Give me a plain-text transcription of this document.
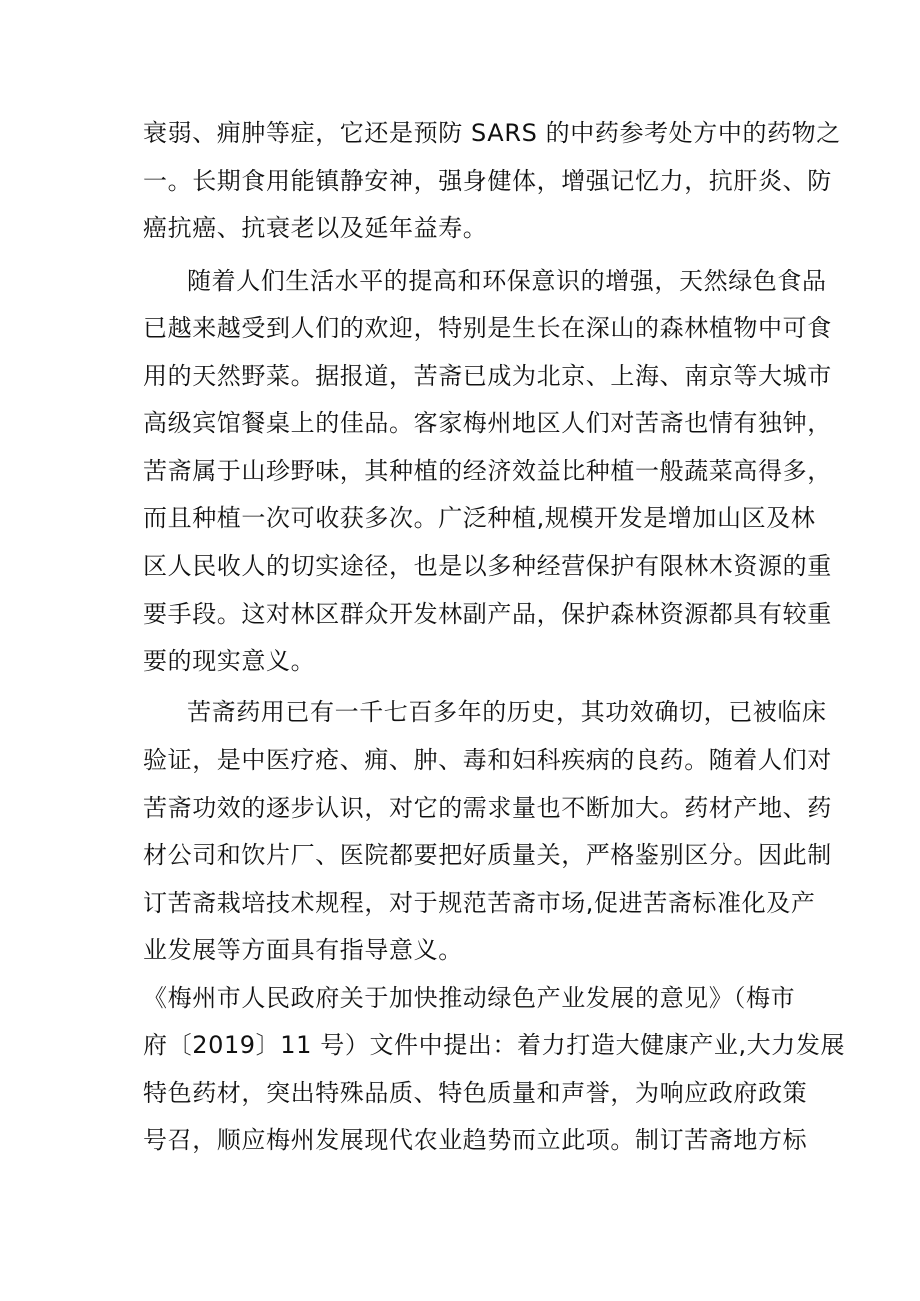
衰弱、痈肿等症，它还是预防 SARS 的中药参考处方中的药物之
一。长期食用能镇静安神，强身健体，增强记忆力，抗肝炎、防
癌抗癌、抗衰老以及延年益寿。
随着人们生活水平的提高和环保意识的增强，天然绿色食品
已越来越受到人们的欢迎，特别是生长在深山的森林植物中可食
用的天然野菜。据报道，苦斋已成为北京、上海、南京等大城市
高级宾馆餐桌上的佳品。客家梅州地区人们对苦斋也情有独钟，
苦斋属于山珍野味，其种植的经济效益比种植一般蔬菜高得多，
而且种植一次可收获多次。广泛种植,规模开发是增加山区及林
区人民收人的切实途径，也是以多种经营保护有限林木资源的重
要手段。这对林区群众开发林副产品，保护森林资源都具有较重
要的现实意义。
苦斋药用已有一千七百多年的历史，其功效确切，已被临床
验证，是中医疗疮、痈、肿、毒和妇科疾病的良药。随着人们对
苦斋功效的逐步认识，对它的需求量也不断加大。药材产地、药
材公司和饮片厂、医院都要把好质量关，严格鉴别区分。因此制
订苦斋栽培技术规程，对于规范苦斋市场,促进苦斋标准化及产
业发展等方面具有指导意义。
《梅州市人民政府关于加快推动绿色产业发展的意见》（梅市
府〔2019〕11 号）文件中提出：着力打造大健康产业,大力发展
特色药材，突出特殊品质、特色质量和声誉，为响应政府政策
号召，顺应梅州发展现代农业趋势而立此项。制订苦斋地方标
